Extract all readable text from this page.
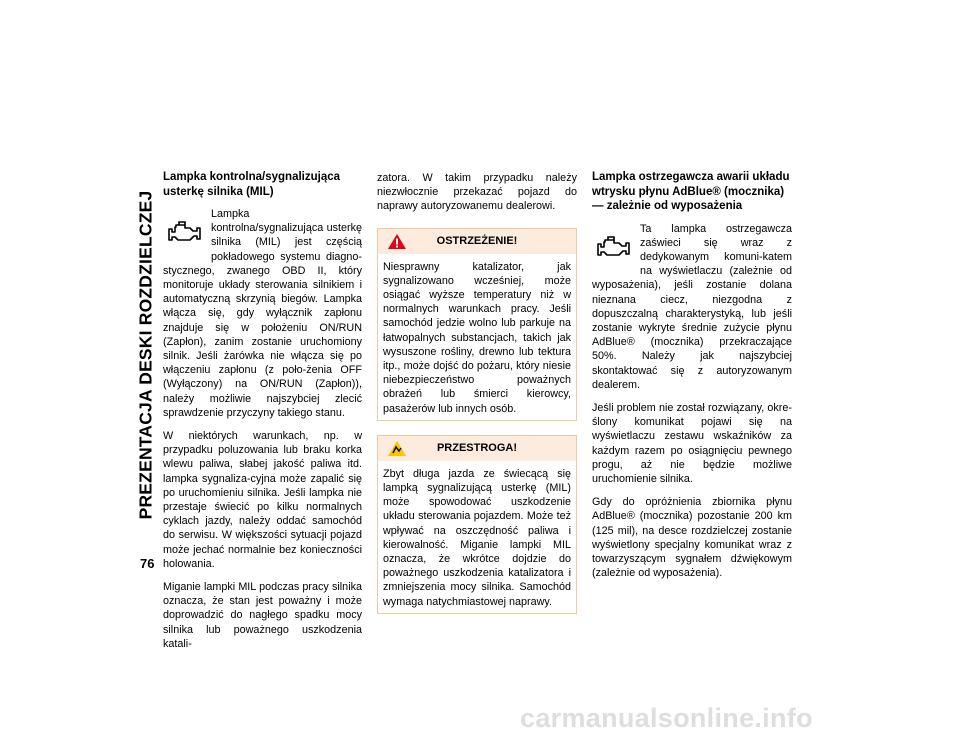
PREZENTACJA DESKI ROZDZIELCZEJ
76
Lampka kontrolna/sygnalizująca usterkę silnika (MIL)

Lampka kontrolna/sygnalizująca usterkę silnika (MIL) jest częścią pokładowego systemu diagno-stycznego, zwanego OBD II, który monitoruje układy sterowania silnikiem i automatyczną skrzynią biegów. Lampka włącza się, gdy wyłącznik zapłonu znajduje się w położeniu ON/RUN (Zapłon), zanim zostanie uruchomiony silnik. Jeśli żarówka nie włącza się po włączeniu zapłonu (z poło-żenia OFF (Wyłączony) na ON/RUN (Zapłon)), należy możliwie najszybciej zlecić sprawdzenie przyczyny takiego stanu.

W niektórych warunkach, np. w przypadku poluzowania lub braku korka wlewu paliwa, słabej jakość paliwa itd. lampka sygnaliza-cyjna może zapalić się po uruchomieniu silnika. Jeśli lampka nie przestaje świecić po kilku normalnych cyklach jazdy, należy oddać samochód do serwisu. W większości sytuacji pojazd może jechać normalnie bez konieczności holowania.

Miganie lampki MIL podczas pracy silnika oznacza, że stan jest poważny i może doprowadzić do nagłego spadku mocy silnika lub poważnego uszkodzenia katali-

zatora. W takim przypadku należy niezwłocznie przekazać pojazd do naprawy autoryzowanemu dealerowi.

OSTRZEŻENIE!

Niesprawny katalizator, jak sygnalizowano wcześniej, może osiągać wyższe temperatury niż w normalnych warunkach pracy. Jeśli samochód jedzie wolno lub parkuje na łatwopalnych substancjach, takich jak wysuszone rośliny, drewno lub tektura itp., może dojść do pożaru, który niesie niebezpieczeństwo poważnych obrażeń lub śmierci kierowcy, pasażerów lub innych osób.

PRZESTROGA!

Zbyt długa jazda ze świecącą się lampką sygnalizującą usterkę (MIL) może spowodować uszkodzenie układu sterowania pojazdem. Może też wpływać na oszczędność paliwa i kierowalność. Miganie lampki MIL oznacza, że wkrótce dojdzie do poważnego uszkodzenia katalizatora i zmniejszenia mocy silnika. Samochód wymaga natychmiastowej naprawy.

Lampka ostrzegawcza awarii układu wtrysku płynu AdBlue® (mocznika) — zależnie od wyposażenia

Ta lampka ostrzegawcza zaświeci się wraz z dedykowanym komuni-katem na wyświetlaczu (zależnie od wyposażenia), jeśli zostanie dolana nieznana ciecz, niezgodna z dopuszczalną charakterystyką, lub jeśli zostanie wykryte średnie zużycie płynu AdBlue® (mocznika) przekraczające 50%. Należy jak najszybciej skontaktować się z autoryzowanym dealerem.

Jeśli problem nie został rozwiązany, okre-ślony komunikat pojawi się na wyświetlaczu zestawu wskaźników za każdym razem po osiągnięciu pewnego progu, aż nie będzie możliwe uruchomienie silnika.

Gdy do opróżnienia zbiornika płynu AdBlue® (mocznika) pozostanie 200 km (125 mil), na desce rozdzielczej zostanie wyświetlony specjalny komunikat wraz z towarzyszącym sygnałem dźwiękowym (zależnie od wyposażenia).

carmanualsonline.info
